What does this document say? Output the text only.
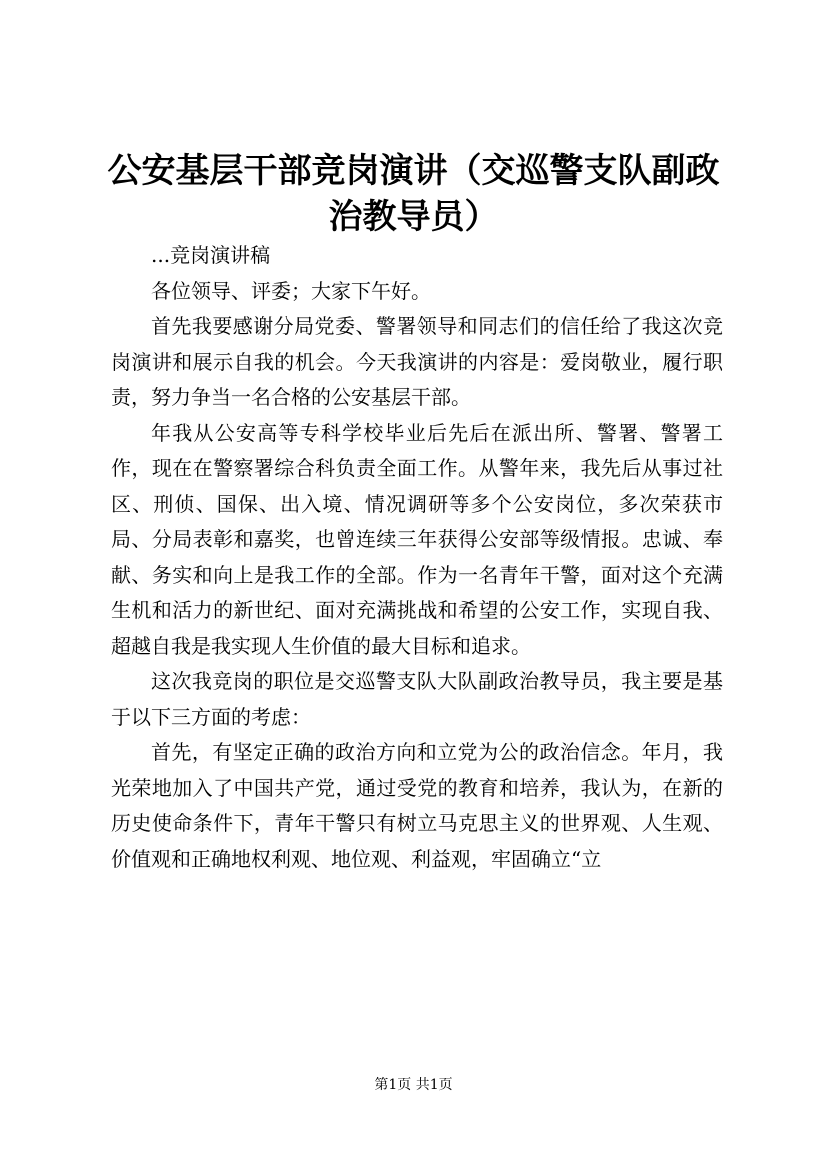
公安基层干部竞岗演讲（交巡警支队副政治教导员）

...竞岗演讲稿

各位领导、评委；大家下午好。

首先我要感谢分局党委、警署领导和同志们的信任给了我这次竞岗演讲和展示自我的机会。今天我演讲的内容是：爱岗敬业，履行职责，努力争当一名合格的公安基层干部。

年我从公安高等专科学校毕业后先后在派出所、警署、警署工作，现在在警察署综合科负责全面工作。从警年来，我先后从事过社区、刑侦、国保、出入境、情况调研等多个公安岗位，多次荣获市局、分局表彰和嘉奖，也曾连续三年获得公安部等级情报。忠诚、奉献、务实和向上是我工作的全部。作为一名青年干警，面对这个充满生机和活力的新世纪、面对充满挑战和希望的公安工作，实现自我、超越自我是我实现人生价值的最大目标和追求。

这次我竞岗的职位是交巡警支队大队副政治教导员，我主要是基于以下三方面的考虑：

首先，有坚定正确的政治方向和立党为公的政治信念。年月，我光荣地加入了中国共产党，通过受党的教育和培养，我认为，在新的历史使命条件下，青年干警只有树立马克思主义的世界观、人生观、价值观和正确地权利观、地位观、利益观，牢固确立“立

第1页 共1页
